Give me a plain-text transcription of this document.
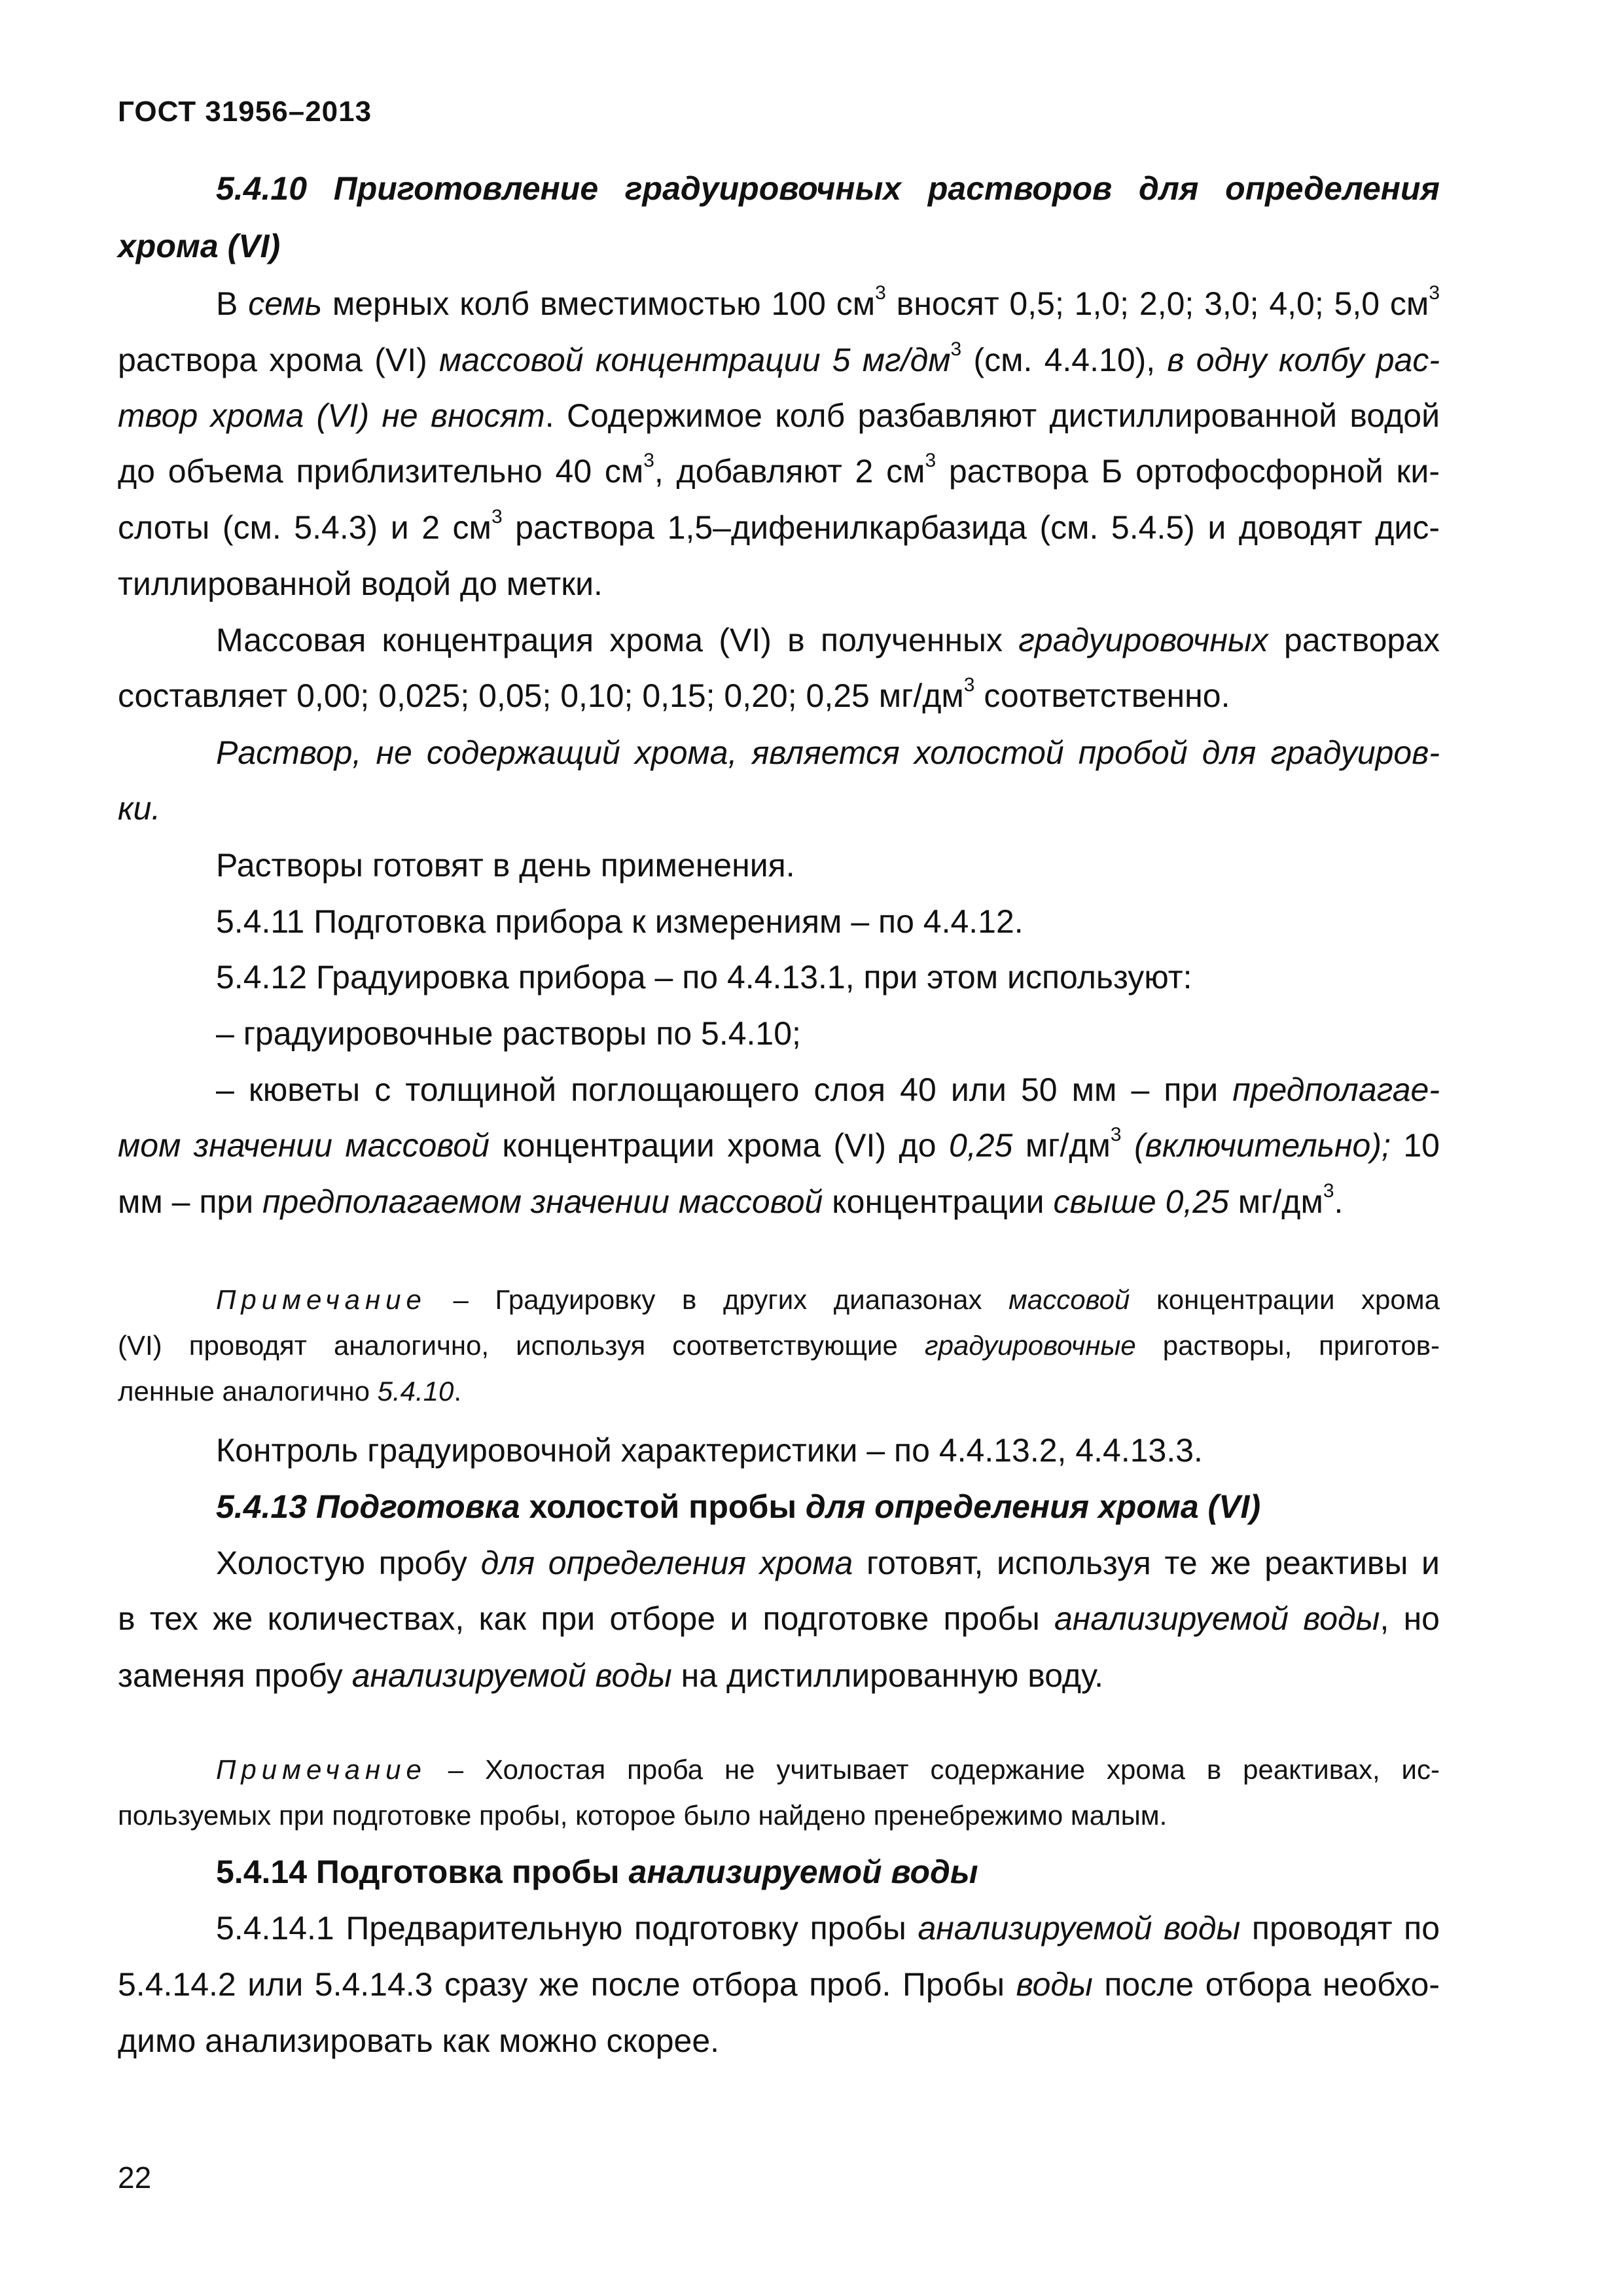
ГОСТ 31956–2013
5.4.10 Приготовление градуировочных растворов для определения
хрома (VI)
В семь мерных колб вместимостью 100 $см^3$ вносят 0,5; 1,0; 2,0; 3,0; 4,0; 5,0 $см^3$
раствора хрома (VI) массовой концентрации 5 $мг/дм^3$ (см. 4.4.10), в одну колбу рас-
твор хрома (VI) не вносят. Содержимое колб разбавляют дистиллированной водой
до объема приблизительно 40 $см^3$, добавляют 2 $см^3$ раствора Б ортофосфорной ки-
слоты (см. 5.4.3) и 2 $см^3$ раствора 1,5–дифенилкарбазида (см. 5.4.5) и доводят дис-
тиллированной водой до метки.
Массовая концентрация хрома (VI) в полученных градуировочных растворах
составляет 0,00; 0,025; 0,05; 0,10; 0,15; 0,20; 0,25 $мг/дм^3$ соответственно.
Раствор, не содержащий хрома, является холостой пробой для градуиров-
ки.
Растворы готовят в день применения.
5.4.11 Подготовка прибора к измерениям – по 4.4.12.
5.4.12 Градуировка прибора – по 4.4.13.1, при этом используют:
– градуировочные растворы по 5.4.10;
– кюветы с толщиной поглощающего слоя 40 или 50 мм – при предполагае-
мом значении массовой концентрации хрома (VI) до 0,25 $мг/дм^3$ (включительно); 10
мм – при предполагаемом значении массовой концентрации свыше 0,25 $мг/дм^3$.
Примечание – Градуировку в других диапазонах массовой концентрации хрома
(VI) проводят аналогично, используя соответствующие градуировочные растворы, приготов-
ленные аналогично 5.4.10.
Контроль градуировочной характеристики – по 4.4.13.2, 4.4.13.3.
5.4.13 Подготовка холостой пробы для определения хрома (VI)
Холостую пробу для определения хрома готовят, используя те же реактивы и
в тех же количествах, как при отборе и подготовке пробы анализируемой воды, но
заменяя пробу анализируемой воды на дистиллированную воду.
Примечание – Холостая проба не учитывает содержание хрома в реактивах, ис-
пользуемых при подготовке пробы, которое было найдено пренебрежимо малым.
5.4.14 Подготовка пробы анализируемой воды
5.4.14.1 Предварительную подготовку пробы анализируемой воды проводят по
5.4.14.2 или 5.4.14.3 сразу же после отбора проб. Пробы воды после отбора необхо-
димо анализировать как можно скорее.
22
